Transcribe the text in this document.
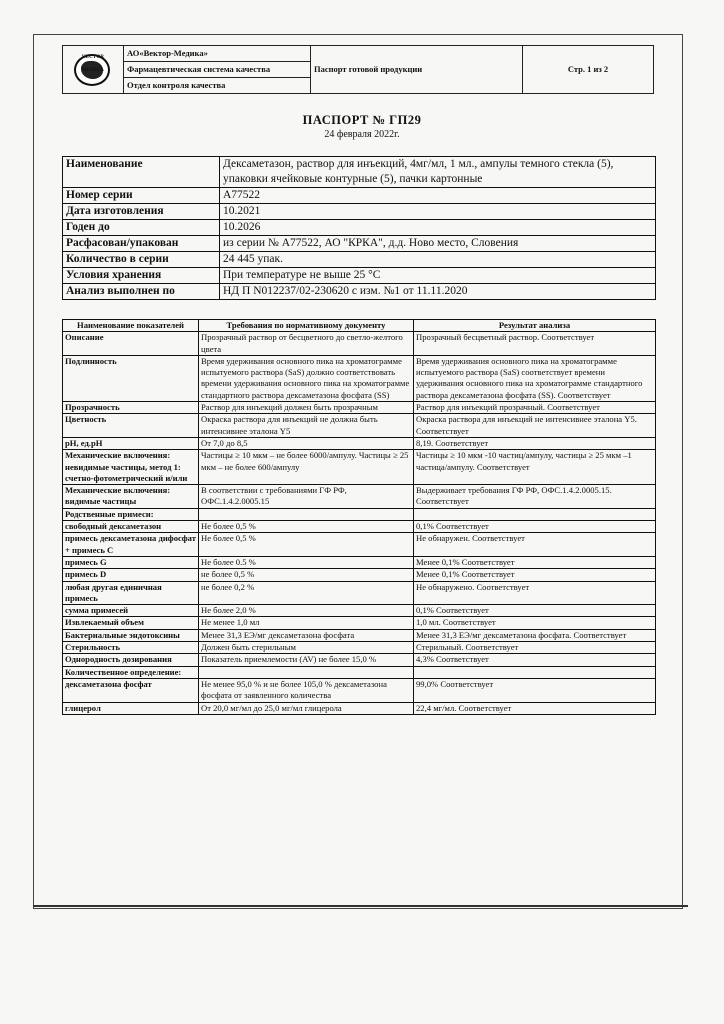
VECTOR MEDICA
	АО«Вектор-Медика»	Паспорт готовой продукции	Стр. 1 из 2
Фармацевтическая система качества
Отдел контроля качества
ПАСПОРТ № ГП29
24 февраля 2022г.
Наименование	Дексаметазон, раствор для инъекций, 4мг/мл, 1 мл., ампулы темного стекла (5), упаковки ячейковые контурные (5), пачки картонные
Номер серии	А77522
Дата изготовления	10.2021
Годен до	10.2026
Расфасован/упакован	из серии № А77522, АО "КРКА", д.д. Ново место, Словения
Количество в серии	24 445 упак.
Условия хранения	При температуре не выше 25 °С
Анализ выполнен по	НД П N012237/02-230620 с изм. №1 от 11.11.2020
Наименование показателей	Требования по нормативному документу	Результат анализа
Описание	Прозрачный раствор от бесцветного до светло-желтого цвета	Прозрачный бесцветный раствор. Соответствует
Подлинность	Время удерживания основного пика на хроматограмме испытуемого раствора (SaS) должно соответствовать времени удерживания основного пика на хроматограмме стандартного раствора дексаметазона фосфата (SS)	Время удерживания основного пика на хроматограмме испытуемого раствора (SaS) соответствует времени удерживания основного пика на хроматограмме стандартного раствора дексаметазона фосфата (SS). Соответствует
Прозрачность	Раствор для инъекций должен быть прозрачным	Раствор для инъекций прозрачный. Соответствует
Цветность	Окраска раствора для инъекций не должна быть интенсивнее эталона Y5	Окраска раствора для инъекций не интенсивнее эталона Y5. Соответствует
pH, ед.pH	От 7,0 до 8,5	8,19. Соответствует
Механические включения: невидимые частицы, метод 1: счетно-фотометрический и/или	Частицы ≥ 10 мкм – не более 6000/ампулу. Частицы ≥ 25 мкм – не более 600/ампулу	Частицы ≥ 10 мкм -10 частиц/ампулу, частицы ≥ 25 мкм –1 частица/ампулу. Соответствует
Механические включения: видимые частицы	В соответствии с требованиями ГФ РФ, ОФС.1.4.2.0005.15	Выдерживает требования ГФ РФ, ОФС.1.4.2.0005.15. Соответствует
Родственные примеси:		
свободный дексаметазон	Не более 0,5 %	0,1% Соответствует
примесь дексаметазона дифосфат + примесь С	Не более 0,5 %	Не обнаружен. Соответствует
примесь G	Не более 0.5 %	Менее 0,1% Соответствует
примесь D	не более 0,5 %	Менее 0,1% Соответствует
любая другая единичная примесь	не более 0,2 %	Не обнаружено. Соответствует
сумма примесей	Не более 2,0 %	0,1% Соответствует
Извлекаемый объем	Не менее 1,0 мл	1,0 мл. Соответствует
Бактериальные эндотоксины	Менее 31,3 ЕЭ/мг дексаметазона фосфата	Менее 31,3 ЕЭ/мг дексаметазона фосфата. Соответствует
Стерильность	Должен быть стерильным	Стерильный. Соответствует
Однородность дозирования	Показатель приемлемости (AV) не более 15,0 %	4,3% Соответствует
Количественное определение:		
дексаметазона фосфат	Не менее 95,0 % и не более 105,0 % дексаметазона фосфата от заявленного количества	99,0% Соответствует
глицерол	От 20,0 мг/мл до 25,0 мг/мл глицерола	22,4 мг/мл. Соответствует
